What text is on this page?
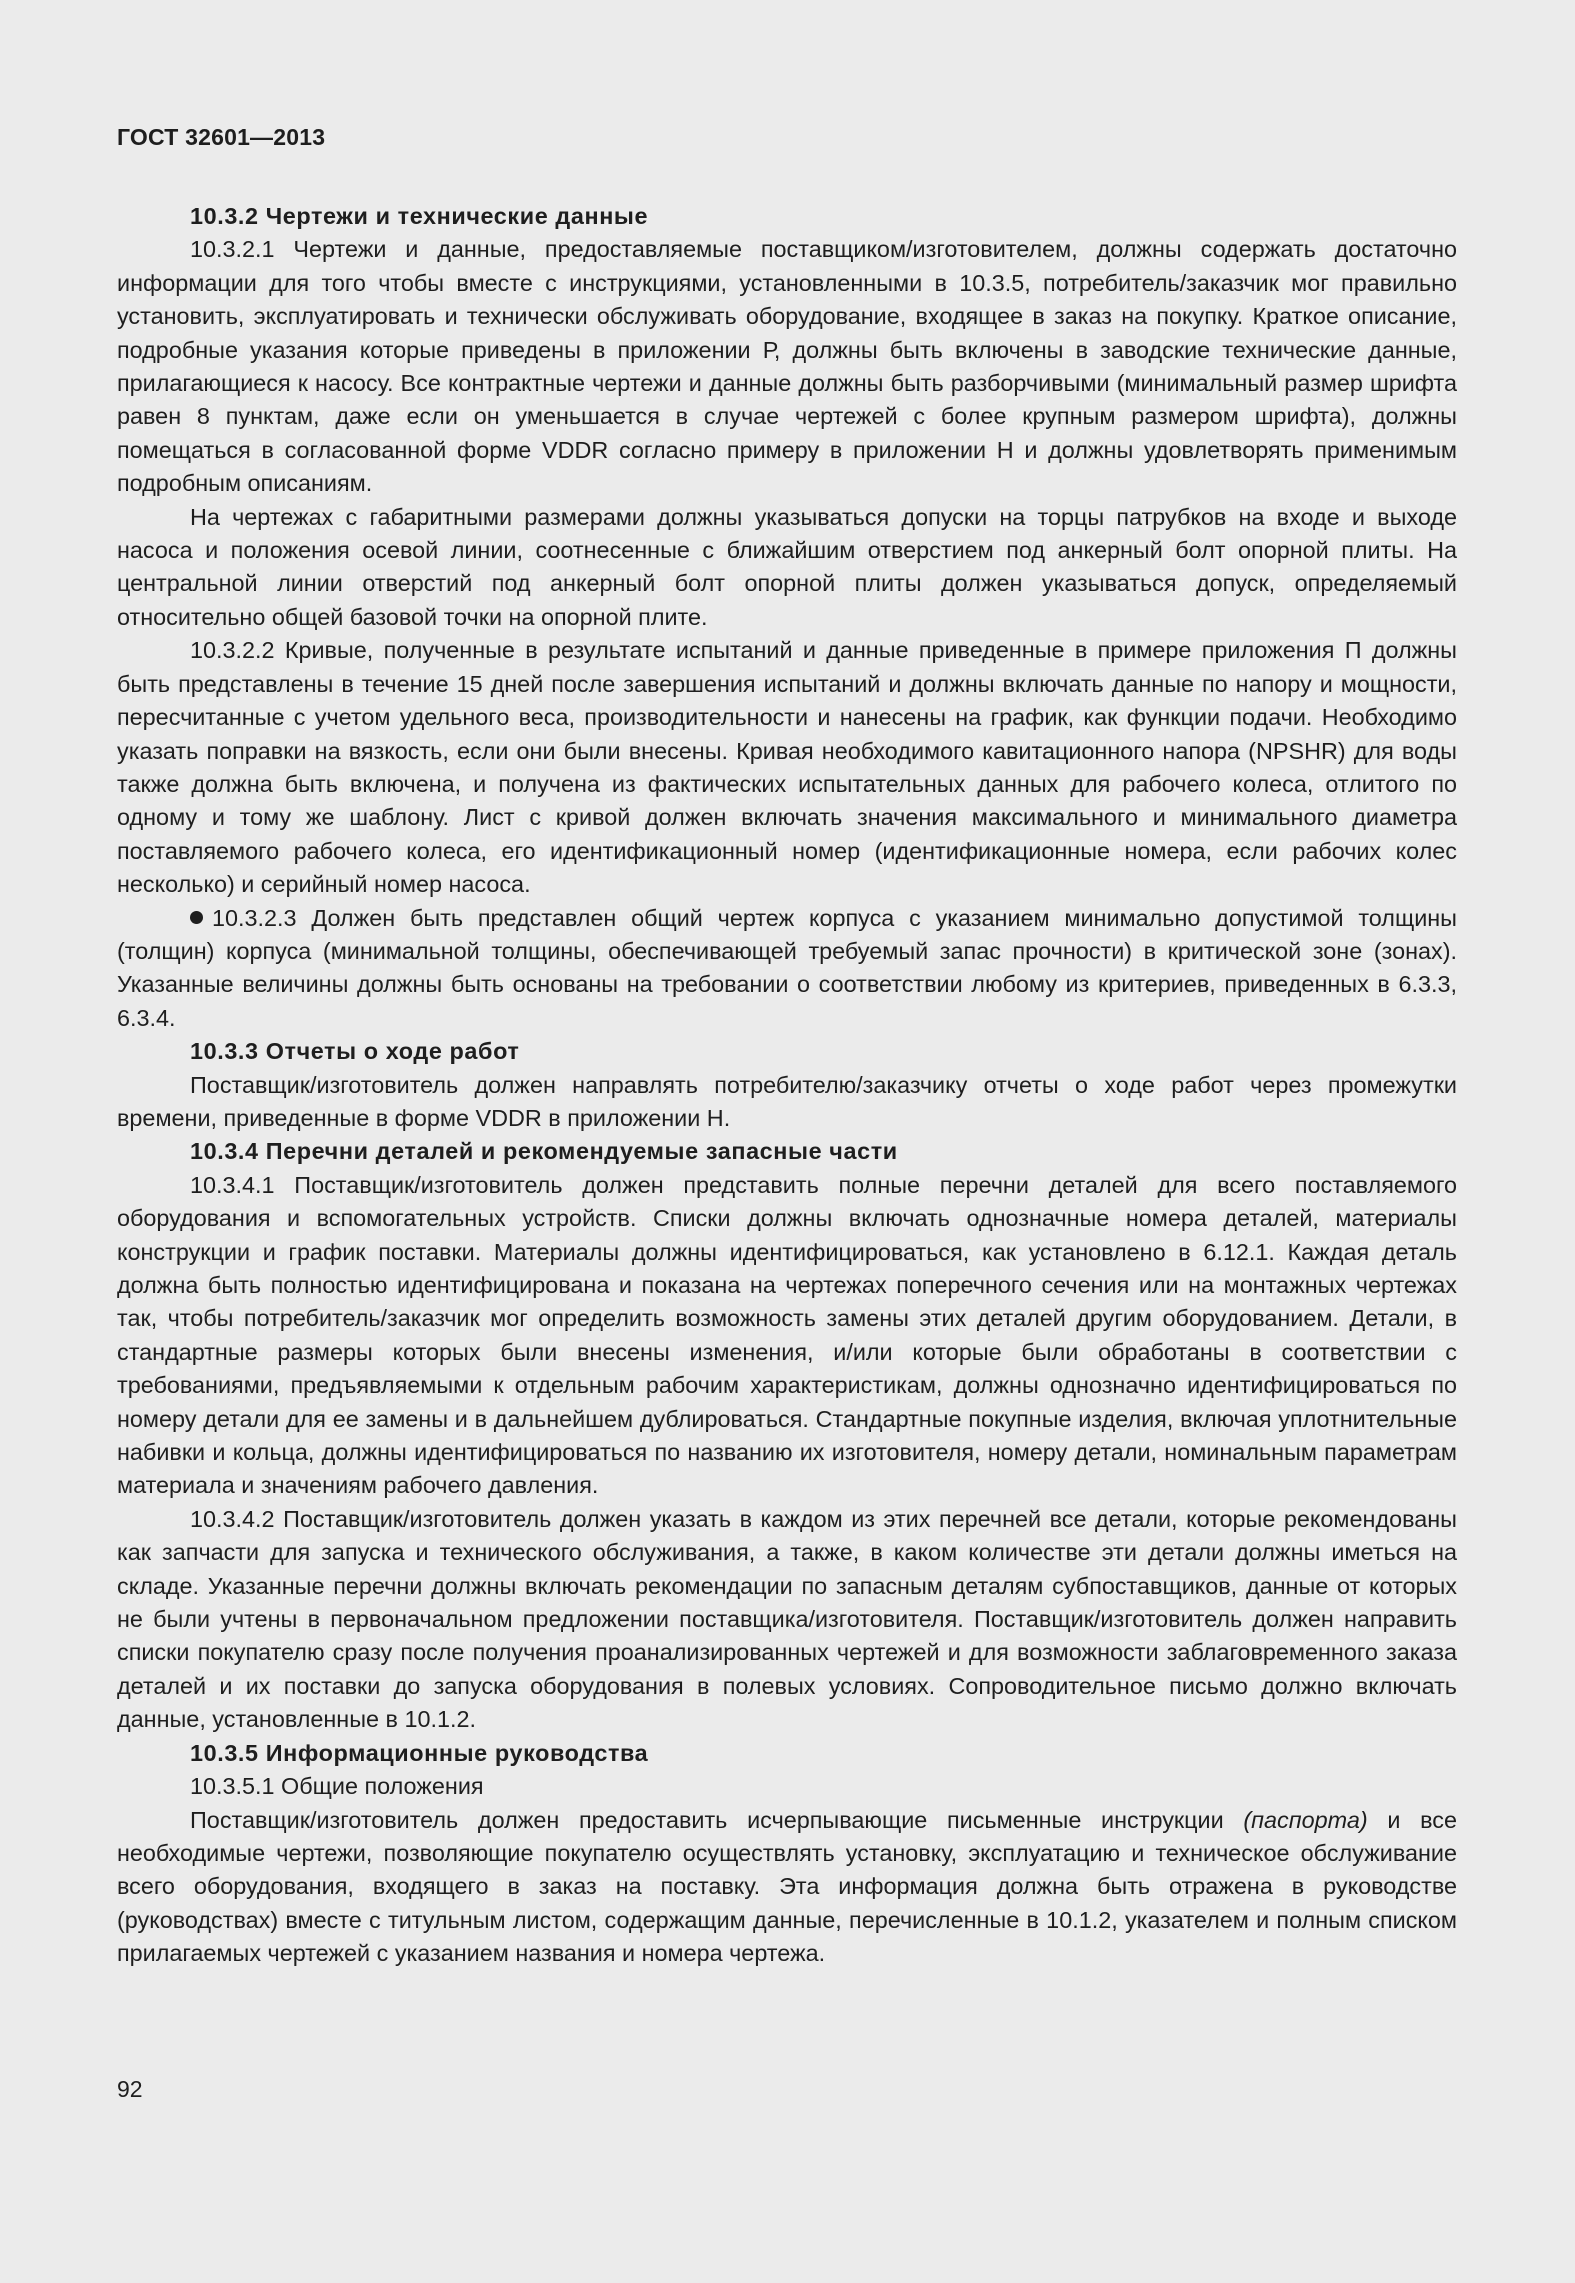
ГОСТ 32601—2013

10.3.2 Чертежи и технические данные

10.3.2.1 Чертежи и данные, предоставляемые поставщиком/изготовителем, должны содержать достаточно информации для того чтобы вместе с инструкциями, установленными в 10.3.5, потребитель/заказчик мог правильно установить, эксплуатировать и технически обслуживать оборудование, входящее в заказ на покупку. Краткое описание, подробные указания которые приведены в приложении Р, должны быть включены в заводские технические данные, прилагающиеся к насосу. Все контрактные чертежи и данные должны быть разборчивыми (минимальный размер шрифта равен 8 пунктам, даже если он уменьшается в случае чертежей с более крупным размером шрифта), должны помещаться в согласованной форме VDDR согласно примеру в приложении Н и должны удовлетворять применимым подробным описаниям.

На чертежах с габаритными размерами должны указываться допуски на торцы патрубков на входе и выходе насоса и положения осевой линии, соотнесенные с ближайшим отверстием под анкерный болт опорной плиты. На центральной линии отверстий под анкерный болт опорной плиты должен указываться допуск, определяемый относительно общей базовой точки на опорной плите.

10.3.2.2 Кривые, полученные в результате испытаний и данные приведенные в примере приложения П должны быть представлены в течение 15 дней после завершения испытаний и должны включать данные по напору и мощности, пересчитанные с учетом удельного веса, производительности и нанесены на график, как функции подачи. Необходимо указать поправки на вязкость, если они были внесены. Кривая необходимого кавитационного напора (NPSHR) для воды также должна быть включена, и получена из фактических испытательных данных для рабочего колеса, отлитого по одному и тому же шаблону. Лист с кривой должен включать значения максимального и минимального диаметра поставляемого рабочего колеса, его идентификационный номер (идентификационные номера, если рабочих колес несколько) и серийный номер насоса.

10.3.2.3 Должен быть представлен общий чертеж корпуса с указанием минимально допустимой толщины (толщин) корпуса (минимальной толщины, обеспечивающей требуемый запас прочности) в критической зоне (зонах). Указанные величины должны быть основаны на требовании о соответствии любому из критериев, приведенных в 6.3.3, 6.3.4.

10.3.3 Отчеты о ходе работ

Поставщик/изготовитель должен направлять потребителю/заказчику отчеты о ходе работ через промежутки времени, приведенные в форме VDDR в приложении Н.

10.3.4 Перечни деталей и рекомендуемые запасные части

10.3.4.1 Поставщик/изготовитель должен представить полные перечни деталей для всего поставляемого оборудования и вспомогательных устройств. Списки должны включать однозначные номера деталей, материалы конструкции и график поставки. Материалы должны идентифицироваться, как установлено в 6.12.1. Каждая деталь должна быть полностью идентифицирована и показана на чертежах поперечного сечения или на монтажных чертежах так, чтобы потребитель/заказчик мог определить возможность замены этих деталей другим оборудованием. Детали, в стандартные размеры которых были внесены изменения, и/или которые были обработаны в соответствии с требованиями, предъявляемыми к отдельным рабочим характеристикам, должны однозначно идентифицироваться по номеру детали для ее замены и в дальнейшем дублироваться. Стандартные покупные изделия, включая уплотнительные набивки и кольца, должны идентифицироваться по названию их изготовителя, номеру детали, номинальным параметрам материала и значениям рабочего давления.

10.3.4.2 Поставщик/изготовитель должен указать в каждом из этих перечней все детали, которые рекомендованы как запчасти для запуска и технического обслуживания, а также, в каком количестве эти детали должны иметься на складе. Указанные перечни должны включать рекомендации по запасным деталям субпоставщиков, данные от которых не были учтены в первоначальном предложении поставщика/изготовителя. Поставщик/изготовитель должен направить списки покупателю сразу после получения проанализированных чертежей и для возможности заблаговременного заказа деталей и их поставки до запуска оборудования в полевых условиях. Сопроводительное письмо должно включать данные, установленные в 10.1.2.

10.3.5 Информационные руководства

10.3.5.1 Общие положения

Поставщик/изготовитель должен предоставить исчерпывающие письменные инструкции (паспорта) и все необходимые чертежи, позволяющие покупателю осуществлять установку, эксплуатацию и техническое обслуживание всего оборудования, входящего в заказ на поставку. Эта информация должна быть отражена в руководстве (руководствах) вместе с титульным листом, содержащим данные, перечисленные в 10.1.2, указателем и полным списком прилагаемых чертежей с указанием названия и номера чертежа.

92
